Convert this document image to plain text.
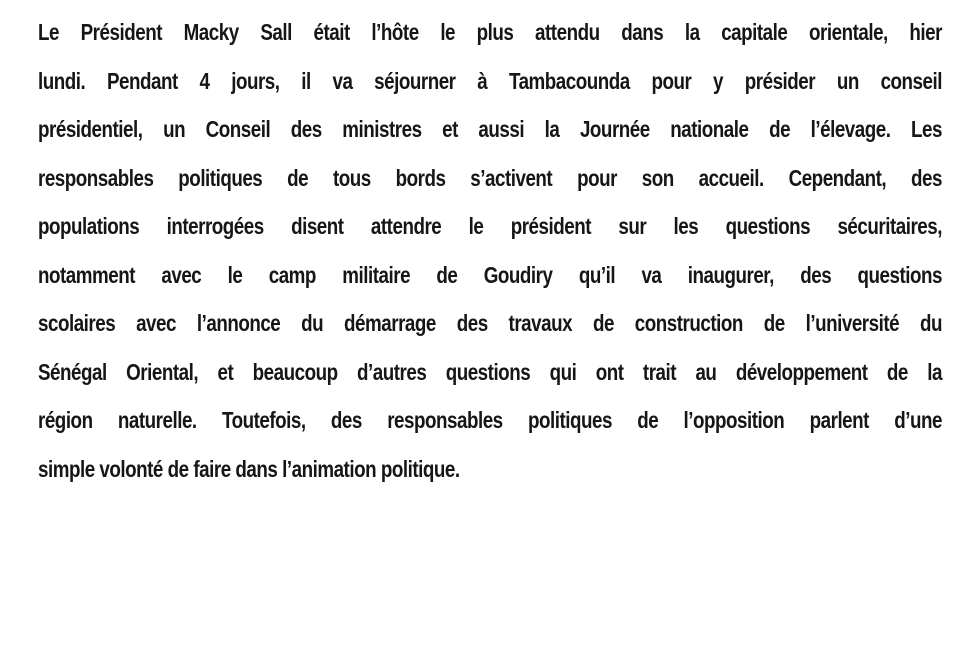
Le Président Macky Sall était l’hôte le plus attendu dans la capitale orientale, hier
lundi. Pendant 4 jours, il va séjourner à Tambacounda pour y présider un conseil
présidentiel, un Conseil des ministres et aussi la Journée nationale de l’élevage. Les
responsables politiques de tous bords s’activent pour son accueil. Cependant, des
populations interrogées disent attendre le président sur les questions sécuritaires,
notamment avec le camp militaire de Goudiry qu’il va inaugurer, des questions
scolaires avec l’annonce du démarrage des travaux de construction de l’université du
Sénégal Oriental, et beaucoup d’autres questions qui ont trait au développement de la
région naturelle. Toutefois, des responsables politiques de l’opposition parlent d’une
simple volonté de faire dans l’animation politique.
